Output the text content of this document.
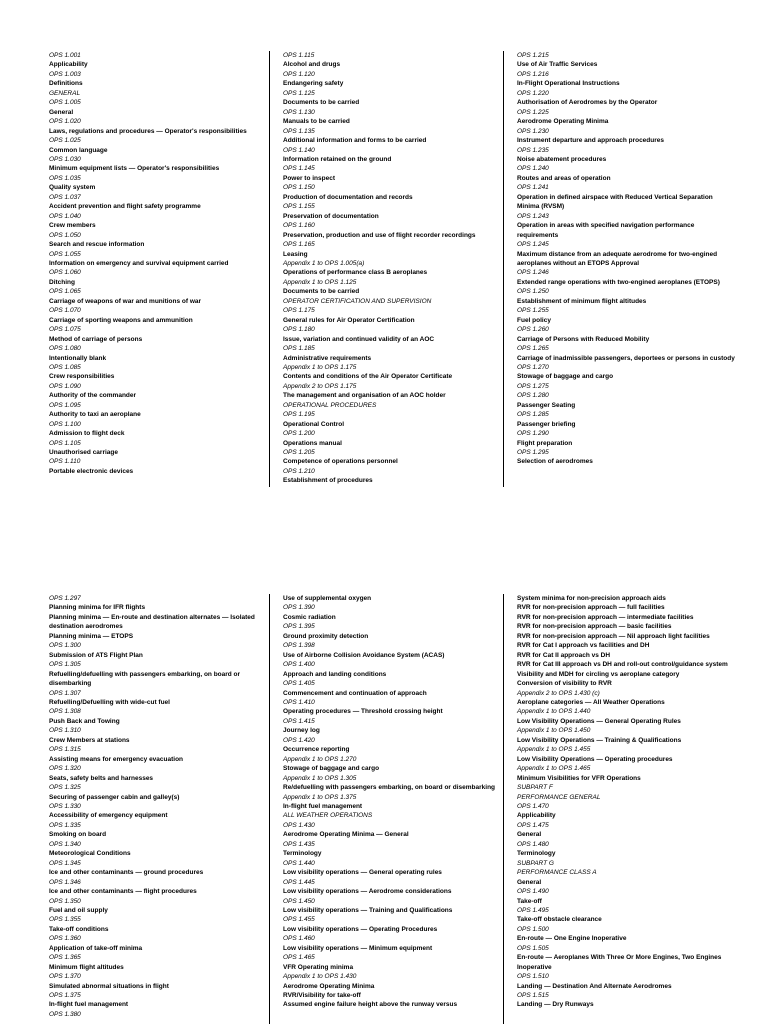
OPS 1.001
Applicability
OPS 1.003
Definitions
GENERAL
OPS 1.005
General
OPS 1.020
Laws, regulations and procedures — Operator's responsibilities
OPS 1.025
Common language
OPS 1.030
Minimum equipment lists — Operator's responsibilities
OPS 1.035
Quality system
OPS 1.037
Accident prevention and flight safety programme
OPS 1.040
Crew members
OPS 1.050
Search and rescue information
OPS 1.055
Information on emergency and survival equipment carried
OPS 1.060
Ditching
OPS 1.065
Carriage of weapons of war and munitions of war
OPS 1.070
Carriage of sporting weapons and ammunition
OPS 1.075
Method of carriage of persons
OPS 1.080
Intentionally blank
OPS 1.085
Crew responsibilities
OPS 1.090
Authority of the commander
OPS 1.095
Authority to taxi an aeroplane
OPS 1.100
Admission to flight deck
OPS 1.105
Unauthorised carriage
OPS 1.110
Portable electronic devices
OPS 1.115
Alcohol and drugs
OPS 1.120
Endangering safety
OPS 1.125
Documents to be carried
OPS 1.130
Manuals to be carried
OPS 1.135
Additional information and forms to be carried
OPS 1.140
Information retained on the ground
OPS 1.145
Power to inspect
OPS 1.150
Production of documentation and records
OPS 1.155
Preservation of documentation
OPS 1.160
Preservation, production and use of flight recorder recordings
OPS 1.165
Leasing
Appendix 1 to OPS 1.005(a)
Operations of performance class B aeroplanes
Appendix 1 to OPS 1.125
Documents to be carried
OPERATOR CERTIFICATION AND SUPERVISION
OPS 1.175
General rules for Air Operator Certification
OPS 1.180
Issue, variation and continued validity of an AOC
OPS 1.185
Administrative requirements
Appendix 1 to OPS 1.175
Contents and conditions of the Air Operator Certificate
Appendix 2 to OPS 1.175
The management and organisation of an AOC holder
OPERATIONAL PROCEDURES
OPS 1.195
Operational Control
OPS 1.200
Operations manual
OPS 1.205
Competence of operations personnel
OPS 1.210
Establishment of procedures
OPS 1.215
Use of Air Traffic Services
OPS 1.216
In-Flight Operational Instructions
OPS 1.220
Authorisation of Aerodromes by the Operator
OPS 1.225
Aerodrome Operating Minima
OPS 1.230
Instrument departure and approach procedures
OPS 1.235
Noise abatement procedures
OPS 1.240
Routes and areas of operation
OPS 1.241
Operation in defined airspace with Reduced Vertical Separation Minima (RVSM)
OPS 1.243
Operation in areas with specified navigation performance requirements
OPS 1.245
Maximum distance from an adequate aerodrome for two-engined aeroplanes without an ETOPS Approval
OPS 1.246
Extended range operations with two-engined aeroplanes (ETOPS)
OPS 1.250
Establishment of minimum flight altitudes
OPS 1.255
Fuel policy
OPS 1.260
Carriage of Persons with Reduced Mobility
OPS 1.265
Carriage of inadmissible passengers, deportees or persons in custody
OPS 1.270
Stowage of baggage and cargo
OPS 1.275
OPS 1.280
Passenger Seating
OPS 1.285
Passenger briefing
OPS 1.290
Flight preparation
OPS 1.295
Selection of aerodromes
OPS 1.297
Planning minima for IFR flights
Planning minima — En-route and destination alternates — Isolated destination aerodromes
Planning minima — ETOPS
OPS 1.300
Submission of ATS Flight Plan
OPS 1.305
Refuelling/defuelling with passengers embarking, on board or disembarking
OPS 1.307
Refuelling/Defuelling with wide-cut fuel
OPS 1.308
Push Back and Towing
OPS 1.310
Crew Members at stations
OPS 1.315
Assisting means for emergency evacuation
OPS 1.320
Seats, safety belts and harnesses
OPS 1.325
Securing of passenger cabin and galley(s)
OPS 1.330
Accessibility of emergency equipment
OPS 1.335
Smoking on board
OPS 1.340
Meteorological Conditions
OPS 1.345
Ice and other contaminants — ground procedures
OPS 1.346
Ice and other contaminants — flight procedures
OPS 1.350
Fuel and oil supply
OPS 1.355
Take-off conditions
OPS 1.360
Application of take-off minima
OPS 1.365
Minimum flight altitudes
OPS 1.370
Simulated abnormal situations in flight
OPS 1.375
In-flight fuel management
OPS 1.380
Use of supplemental oxygen
OPS 1.390
Cosmic radiation
OPS 1.395
Ground proximity detection
OPS 1.398
Use of Airborne Collision Avoidance System (ACAS)
OPS 1.400
Approach and landing conditions
OPS 1.405
Commencement and continuation of approach
OPS 1.410
Operating procedures — Threshold crossing height
OPS 1.415
Journey log
OPS 1.420
Occurrence reporting
Appendix 1 to OPS 1.270
Stowage of baggage and cargo
Appendix 1 to OPS 1.305
Re/defuelling with passengers embarking, on board or disembarking
Appendix 1 to OPS 1.375
In-flight fuel management
ALL WEATHER OPERATIONS
OPS 1.430
Aerodrome Operating Minima — General
OPS 1.435
Terminology
OPS 1.440
Low visibility operations — General operating rules
OPS 1.445
Low visibility operations — Aerodrome considerations
OPS 1.450
Low visibility operations — Training and Qualifications
OPS 1.455
Low visibility operations — Operating Procedures
OPS 1.460
Low visibility operations — Minimum equipment
OPS 1.465
VFR Operating minima
Appendix 1 to OPS 1.430
Aerodrome Operating Minima
RVR/Visibility for take-off
Assumed engine failure height above the runway versus
System minima for non-precision approach aids
RVR for non-precision approach — full facilities
RVR for non-precision approach — intermediate facilities
RVR for non-precision approach — basic facilities
RVR for non-precision approach — Nil approach light facilities
RVR for Cat I approach vs facilities and DH
RVR for Cat II approach vs DH
RVR for Cat III approach vs DH and roll-out control/guidance system
Visibility and MDH for circling vs aeroplane category
Conversion of visibility to RVR
Appendix 2 to OPS 1.430 (c)
Aeroplane categories — All Weather Operations
Appendix 1 to OPS 1.440
Low Visibility Operations — General Operating Rules
Appendix 1 to OPS 1.450
Low Visibility Operations — Training & Qualifications
Appendix 1 to OPS 1.455
Low Visibility Operations — Operating procedures
Appendix 1 to OPS 1.465
Minimum Visibilities for VFR Operations
SUBPART F
PERFORMANCE GENERAL
OPS 1.470
Applicability
OPS 1.475
General
OPS 1.480
Terminology
SUBPART G
PERFORMANCE CLASS A
General
OPS 1.490
Take-off
OPS 1.495
Take-off obstacle clearance
OPS 1.500
En-route — One Engine Inoperative
OPS 1.505
En-route — Aeroplanes With Three Or More Engines, Two Engines Inoperative
OPS 1.510
Landing — Destination And Alternate Aerodromes
OPS 1.515
Landing — Dry Runways
